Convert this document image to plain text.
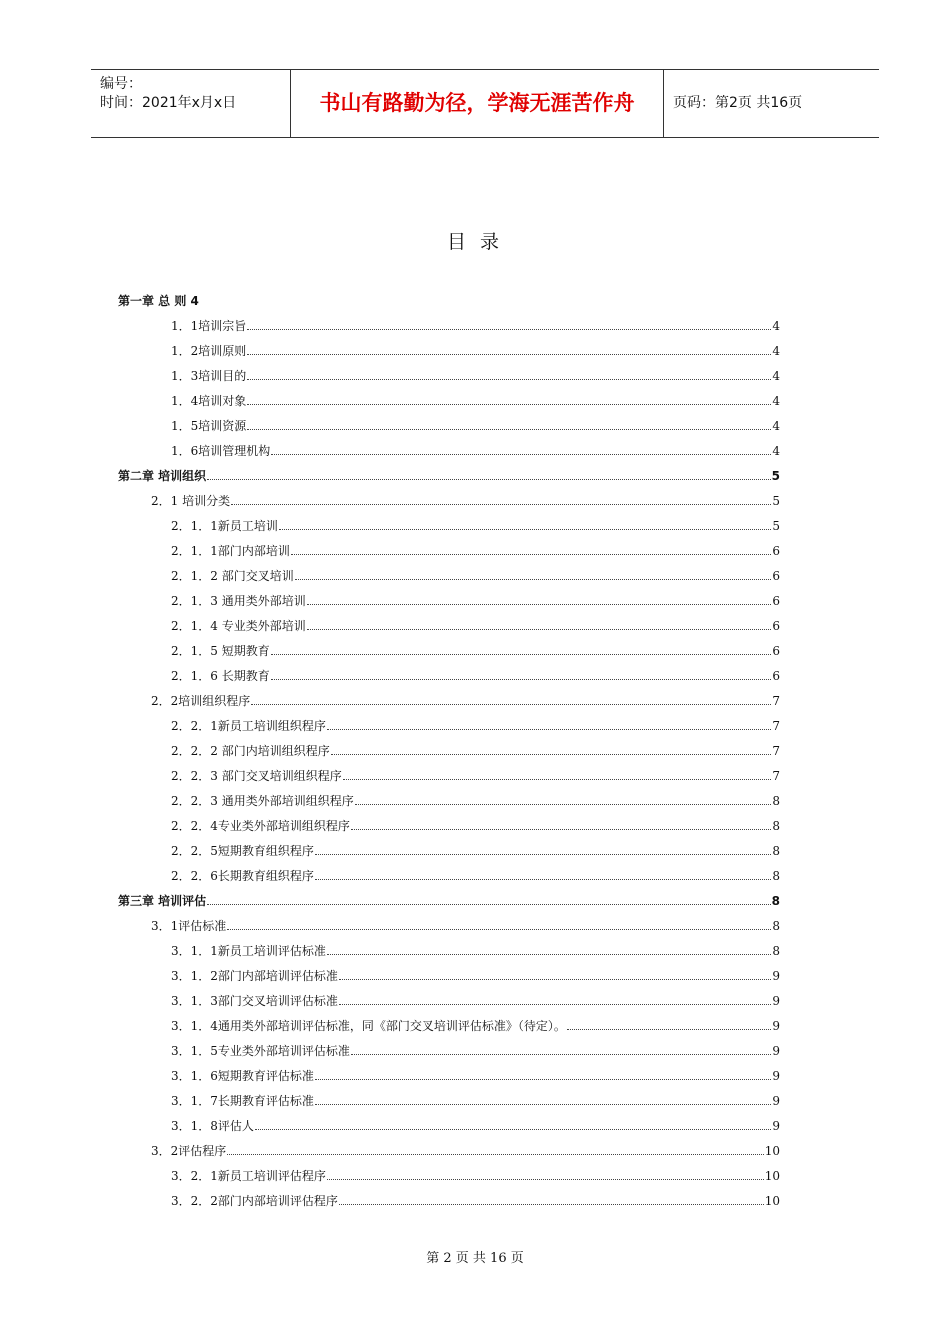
编号：
时间：2021年x月x日	书山有路勤为径，学海无涯苦作舟	页码：第2页 共16页
目 录
第一章 总 则 4
1．1培训宗旨	4
1．2培训原则	4
1．3培训目的	4
1．4培训对象	4
1．5培训资源	4
1．6培训管理机构	4
第二章 培训组织	5
2．1 培训分类	5
2．1．1新员工培训	5
2．1．1部门内部培训	6
2．1．2 部门交叉培训	6
2．1．3 通用类外部培训	6
2．1．4 专业类外部培训	6
2．1．5 短期教育	6
2．1．6 长期教育	6
2．2培训组织程序	7
2．2．1新员工培训组织程序	7
2．2．2 部门内培训组织程序	7
2．2．3 部门交叉培训组织程序	7
2．2．3 通用类外部培训组织程序	8
2．2．4专业类外部培训组织程序	8
2．2．5短期教育组织程序	8
2．2．6长期教育组织程序	8
第三章 培训评估	8
3．1评估标准	8
3．1．1新员工培训评估标准	8
3．1．2部门内部培训评估标准	9
3．1．3部门交叉培训评估标准	9
3．1．4通用类外部培训评估标准，同《部门交叉培训评估标准》（待定）。	9
3．1．5专业类外部培训评估标准	9
3．1．6短期教育评估标准	9
3．1．7长期教育评估标准	9
3．1．8评估人	9
3．2评估程序	10
3．2．1新员工培训评估程序	10
3．2．2部门内部培训评估程序	10
第 2 页 共 16 页
